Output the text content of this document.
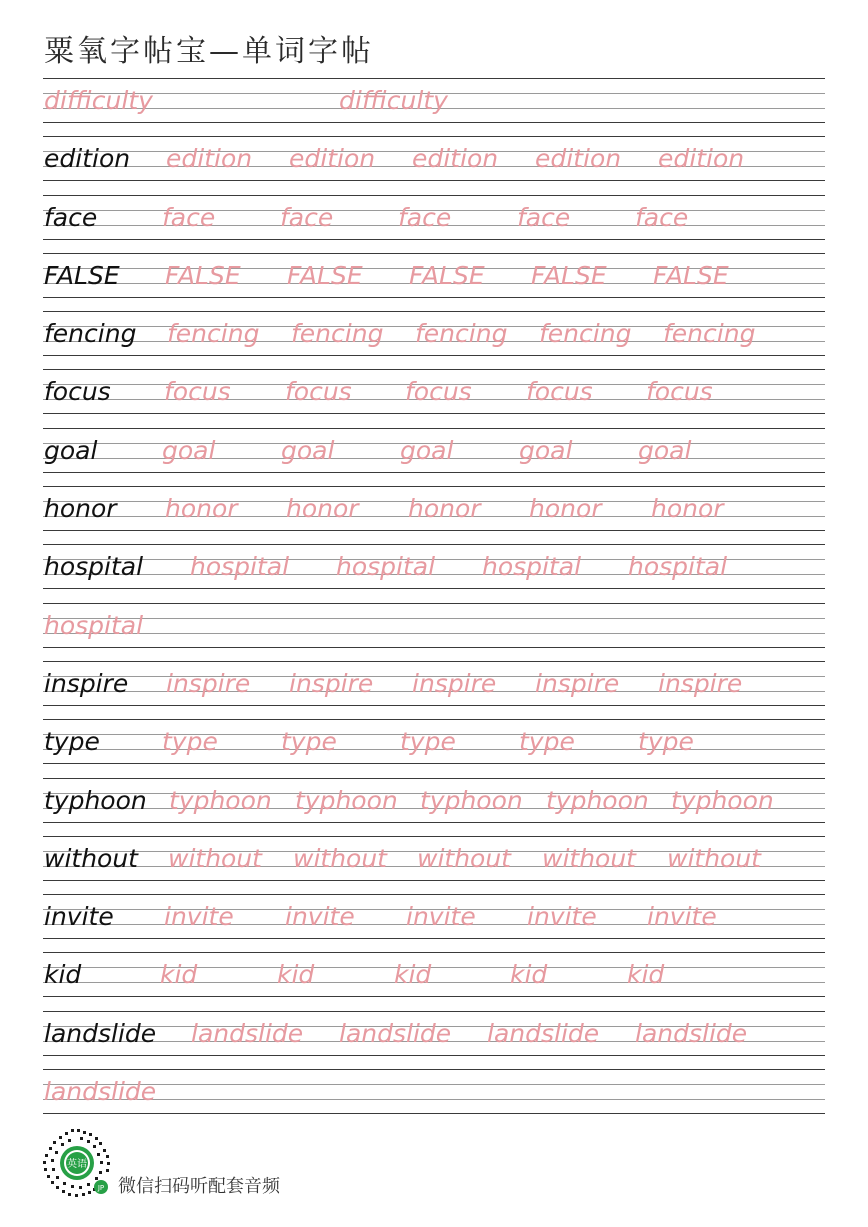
粟氧字帖宝—单词字帖
difficulty	difficulty
edition edition edition edition edition edition
face	face	face	face	face	face
FALSE FALSE FALSE FALSE FALSE FALSE
fencing fencing fencing fencing fencing fencing
focus focus focus focus focus focus
goal	goal	goal	goal	goal	goal
honor honor honor honor honor honor
hospital hospital hospital hospital hospital
hospital
inspire inspire inspire inspire inspire inspire
type type	type	type	type	type
typhoon typhoon typhoon typhoon typhoon typhoon
without without without without without without
invite invite invite invite invite invite
kid	kid	kid	kid	kid	kid
landslide landslide landslide landslide landslide
landslide
英语
JP 微信扫码听配套音频
